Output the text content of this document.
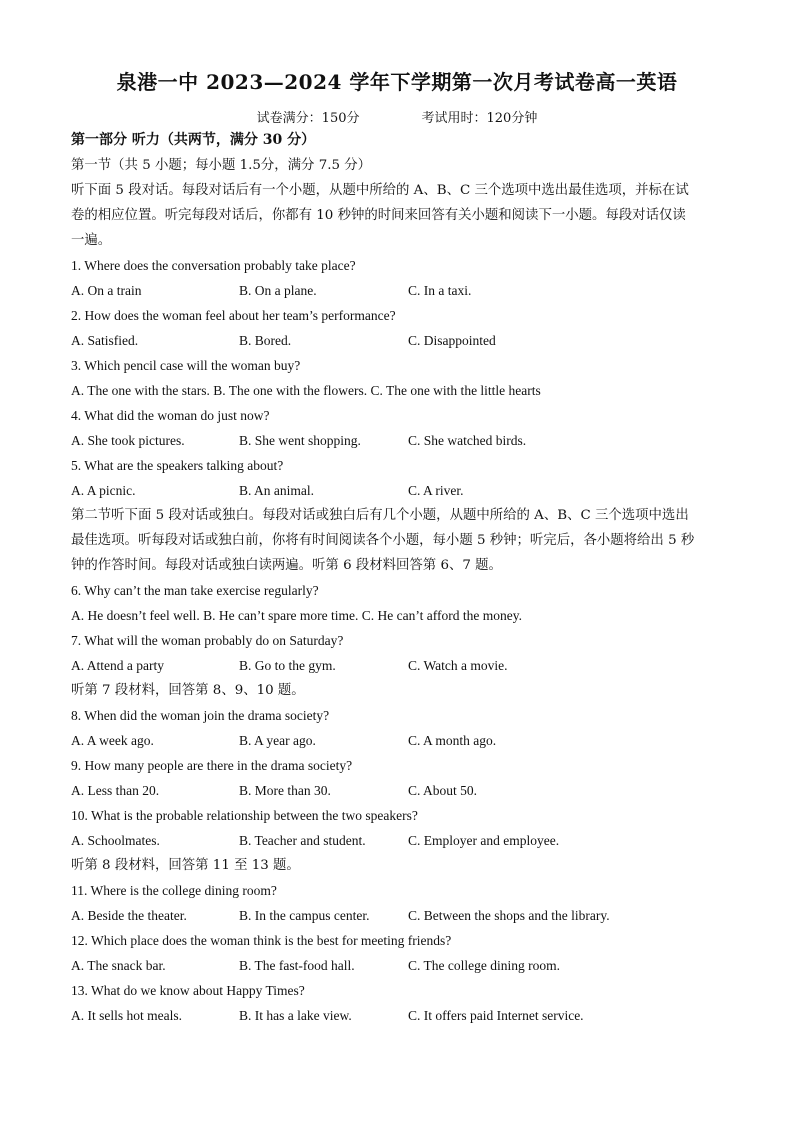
泉港一中 2023—2024 学年下学期第一次月考试卷高一英语
试卷满分：150分	考试用时：120分钟
第一部分 听力（共两节，满分 30 分）
第一节（共 5 小题；每小题 1.5分，满分 7.5 分）
听下面 5 段对话。每段对话后有一个小题，从题中所给的 A、B、C 三个选项中选出最佳选项，并标在试
卷的相应位置。听完每段对话后，你都有 10 秒钟的时间来回答有关小题和阅读下一小题。每段对话仅读
一遍。
1. Where does the conversation probably take place?
A. On a train	B. On a plane.	C. In a taxi.
2. How does the woman feel about her team’s performance?
A. Satisfied.	B. Bored.	C. Disappointed
3. Which pencil case will the woman buy?
A. The one with the stars. B. The one with the flowers. C. The one with the little hearts
4. What did the woman do just now?
A. She took pictures.	B. She went shopping.	C. She watched birds.
5. What are the speakers talking about?
A. A picnic.	B. An animal.	C. A river.
第二节听下面 5 段对话或独白。每段对话或独白后有几个小题，从题中所给的 A、B、C 三个选项中选出
最佳选项。听每段对话或独白前，你将有时间阅读各个小题，每小题 5 秒钟；听完后，各小题将给出 5 秒
钟的作答时间。每段对话或独白读两遍。听第 6 段材料回答第 6、7 题。
6. Why can’t the man take exercise regularly?
A. He doesn’t feel well. B. He can’t spare more time. C. He can’t afford the money.
7. What will the woman probably do on Saturday?
A. Attend a party	B. Go to the gym.	C. Watch a movie.
听第 7 段材料，回答第 8、9、10 题。
8. When did the woman join the drama society?
A. A week ago.	B. A year ago.	C. A month ago.
9. How many people are there in the drama society?
A. Less than 20.	B. More than 30.	C. About 50.
10. What is the probable relationship between the two speakers?
A. Schoolmates.	B. Teacher and student.	C. Employer and employee.
听第 8 段材料，回答第 11 至 13 题。
11. Where is the college dining room?
A. Beside the theater.	B. In the campus center.	C. Between the shops and the library.
12. Which place does the woman think is the best for meeting friends?
A. The snack bar.	B. The fast-food hall.	C. The college dining room.
13. What do we know about Happy Times?
A. It sells hot meals.	B. It has a lake view.	C. It offers paid Internet service.
